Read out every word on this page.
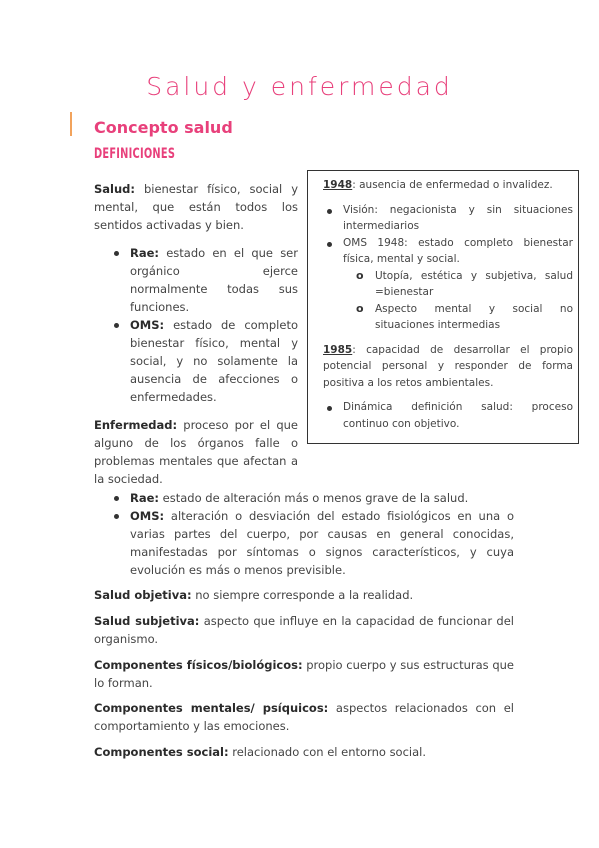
Salud y enfermedad
Concepto salud
DEFINICIONES

Salud: bienestar físico, social y mental, que están todos los sentidos activadas y bien.

Rae: estado en el que ser orgánico ejerce normalmente todas sus funciones.
OMS: estado de completo bienestar físico, mental y social, y no solamente la ausencia de afecciones o enfermedades.

Enfermedad: proceso por el que alguno de los órganos falle o problemas mentales que afectan a la sociedad.

1948: ausencia de enfermedad o invalidez.

Visión: negacionista y sin situaciones intermediarios
OMS 1948: estado completo bienestar física, mental y social.
o Utopía, estética y subjetiva, salud =bienestar
o Aspecto mental y social no situaciones intermedias

1985: capacidad de desarrollar el propio potencial personal y responder de forma positiva a los retos ambientales.

Dinámica definición salud: proceso continuo con objetivo.
Rae: estado de alteración más o menos grave de la salud.
OMS: alteración o desviación del estado fisiológicos en una o varias partes del cuerpo, por causas en general conocidas, manifestadas por síntomas o signos característicos, y cuya evolución es más o menos previsible.

Salud objetiva: no siempre corresponde a la realidad.

Salud subjetiva: aspecto que influye en la capacidad de funcionar del organismo.

Componentes físicos/biológicos: propio cuerpo y sus estructuras que lo forman.

Componentes mentales/ psíquicos: aspectos relacionados con el comportamiento y las emociones.

Componentes social: relacionado con el entorno social.
